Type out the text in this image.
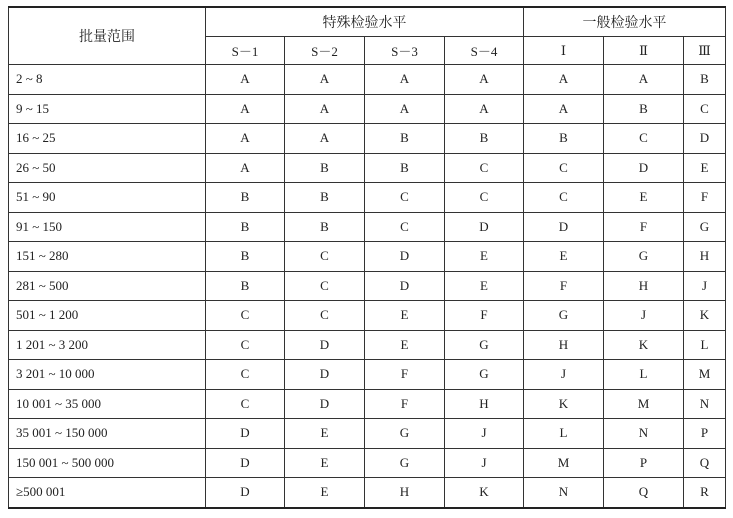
批量范围	特殊检验水平				一般检验水平		
	S－1	S－2	S－3	S－4	Ⅰ	Ⅱ	Ⅲ
2 ~ 8	A	A	A	A	A	A	B
9 ~ 15	A	A	A	A	A	B	C
16 ~ 25	A	A	B	B	B	C	D
26 ~ 50	A	B	B	C	C	D	E
51 ~ 90	B	B	C	C	C	E	F
91 ~ 150	B	B	C	D	D	F	G
151 ~ 280	B	C	D	E	E	G	H
281 ~ 500	B	C	D	E	F	H	J
501 ~ 1 200	C	C	E	F	G	J	K
1 201 ~ 3 200	C	D	E	G	H	K	L
3 201 ~ 10 000	C	D	F	G	J	L	M
10 001 ~ 35 000	C	D	F	H	K	M	N
35 001 ~ 150 000	D	E	G	J	L	N	P
150 001 ~ 500 000	D	E	G	J	M	P	Q
≥500 001	D	E	H	K	N	Q	R
